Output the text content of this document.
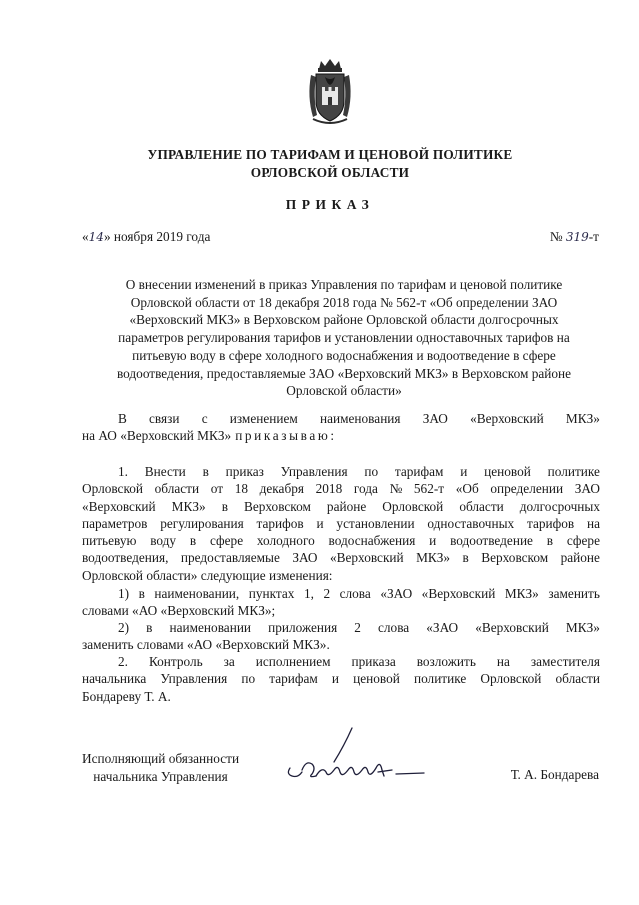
УПРАВЛЕНИЕ ПО ТАРИФАМ И ЦЕНОВОЙ ПОЛИТИКЕ
ОРЛОВСКОЙ ОБЛАСТИ
ПРИКАЗ
«14» ноября 2019 года	№ 319-т
О внесении изменений в приказ Управления по тарифам и ценовой политике
Орловской области от 18 декабря 2018 года № 562-т «Об определении ЗАО
«Верховский МКЗ» в Верховском районе Орловской области долгосрочных
параметров регулирования тарифов и установлении одноставочных тарифов на
питьевую воду в сфере холодного водоснабжения и водоотведение в сфере
водоотведения, предоставляемые ЗАО «Верховский МКЗ» в Верховском районе
Орловской области»
В связи с изменением наименования ЗАО «Верховский МКЗ»
на АО «Верховский МКЗ» приказываю:
1. Внести в приказ Управления по тарифам и ценовой политике
Орловской области от 18 декабря 2018 года № 562-т «Об определении ЗАО
«Верховский МКЗ» в Верховском районе Орловской области долгосрочных
параметров регулирования тарифов и установлении одноставочных тарифов на
питьевую воду в сфере холодного водоснабжения и водоотведение в сфере
водоотведения, предоставляемые ЗАО «Верховский МКЗ» в Верховском районе
Орловской области» следующие изменения:
1) в наименовании, пунктах 1, 2 слова «ЗАО «Верховский МКЗ» заменить
словами «АО «Верховский МКЗ»;
2) в наименовании приложения 2 слова «ЗАО «Верховский МКЗ»
заменить словами «АО «Верховский МКЗ».
2. Контроль за исполнением приказа возложить на заместителя
начальника Управления по тарифам и ценовой политике Орловской области
Бондареву Т. А.
Исполняющий обязанности
начальника Управления	Т. А. Бондарева
